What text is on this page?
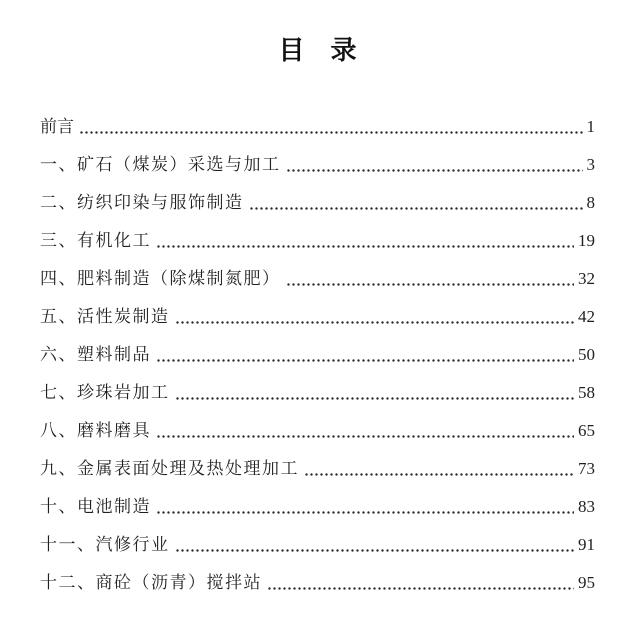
目　录
前言	1
一、矿石（煤炭）采选与加工	3
二、纺织印染与服饰制造	8
三、有机化工	19
四、肥料制造（除煤制氮肥）	32
五、活性炭制造	42
六、塑料制品	50
七、珍珠岩加工	58
八、磨料磨具	65
九、金属表面处理及热处理加工	73
十、电池制造	83
十一、汽修行业	91
十二、商砼（沥青）搅拌站	95
